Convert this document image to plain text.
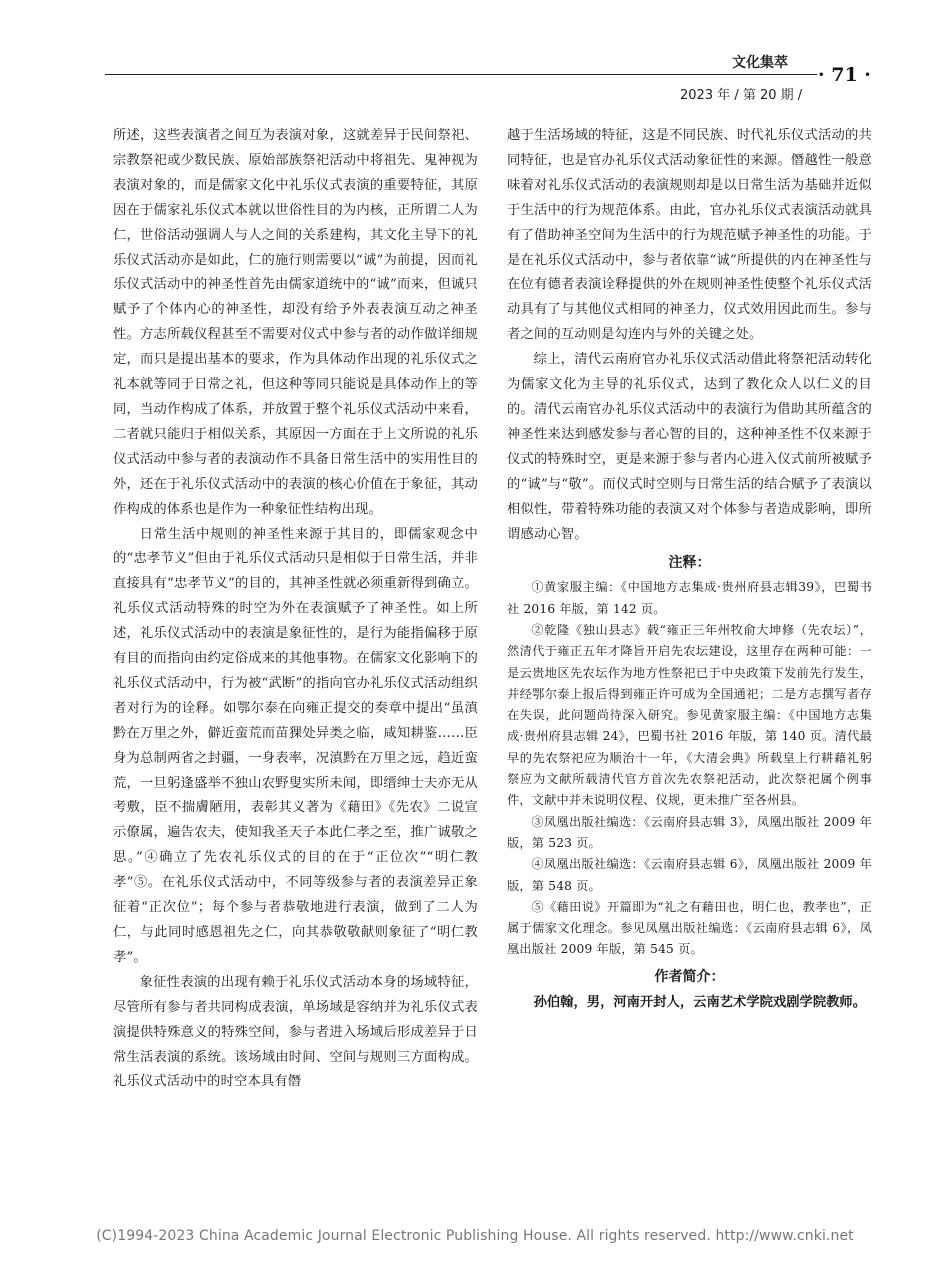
文化集萃
· 71 ·
2023 年 / 第 20 期 /

所述，这些表演者之间互为表演对象，这就差异于民间祭祀、宗教祭祀或少数民族、原始部族祭祀活动中将祖先、鬼神视为表演对象的，而是儒家文化中礼乐仪式表演的重要特征，其原因在于儒家礼乐仪式本就以世俗性目的为内核，正所谓二人为仁，世俗活动强调人与人之间的关系建构，其文化主导下的礼乐仪式活动亦是如此，仁的施行则需要以“诚”为前提，因而礼乐仪式活动中的神圣性首先由儒家道统中的“诚”而来，但诚只赋予了个体内心的神圣性，却没有给予外表表演互动之神圣性。方志所载仪程甚至不需要对仪式中参与者的动作做详细规定，而只是提出基本的要求，作为具体动作出现的礼乐仪式之礼本就等同于日常之礼，但这种等同只能说是具体动作上的等同，当动作构成了体系，并放置于整个礼乐仪式活动中来看，二者就只能归于相似关系，其原因一方面在于上文所说的礼乐仪式活动中参与者的表演动作不具备日常生活中的实用性目的外，还在于礼乐仪式活动中的表演的核心价值在于象征，其动作构成的体系也是作为一种象征性结构出现。

日常生活中规则的神圣性来源于其目的，即儒家观念中的“忠孝节义”但由于礼乐仪式活动只是相似于日常生活，并非直接具有“忠孝节义”的目的，其神圣性就必须重新得到确立。礼乐仪式活动特殊的时空为外在表演赋予了神圣性。如上所述，礼乐仪式活动中的表演是象征性的，是行为能指偏移于原有目的而指向由约定俗成来的其他事物。在儒家文化影响下的礼乐仪式活动中，行为被“武断”的指向官办礼乐仪式活动组织者对行为的诠释。如鄂尔泰在向雍正提交的奏章中提出“虽滇黔在万里之外，僻近蛮荒而苗猓处异类之临，咸知耕鉴……臣身为总制两省之封疆，一身表率，况滇黔在万里之远，趋近蛮荒，一旦躬逢盛举不独山农野叟实所未闻，即缙绅士夫亦无从考敷，臣不揣膚陋用，表彰其义著为《藉田》《先农》二说宣示僚属，遍告农夫，使知我圣天子本此仁孝之至，推广诚敬之思。”④确立了先农礼乐仪式的目的在于“正位次”“明仁教孝”⑤。在礼乐仪式活动中，不同等级参与者的表演差异正象征着“正次位”；每个参与者恭敬地进行表演，做到了二人为仁，与此同时感恩祖先之仁，向其恭敬敬献则象征了“明仁教孝”。

象征性表演的出现有赖于礼乐仪式活动本身的场域特征，尽管所有参与者共同构成表演，单场域是容纳并为礼乐仪式表演提供特殊意义的特殊空间，参与者进入场域后形成差异于日常生活表演的系统。该场域由时间、空间与规则三方面构成。礼乐仪式活动中的时空本具有僭

越于生活场域的特征，这是不同民族、时代礼乐仪式活动的共同特征，也是官办礼乐仪式活动象征性的来源。僭越性一般意味着对礼乐仪式活动的表演规则却是以日常生活为基础并近似于生活中的行为规范体系。由此，官办礼乐仪式表演活动就具有了借助神圣空间为生活中的行为规范赋予神圣性的功能。于是在礼乐仪式活动中，参与者依靠“诚”所提供的内在神圣性与在位有德者表演诠释提供的外在规则神圣性使整个礼乐仪式活动具有了与其他仪式相同的神圣力，仪式效用因此而生。参与者之间的互动则是勾连内与外的关键之处。

综上，清代云南府官办礼乐仪式活动借此将祭祀活动转化为儒家文化为主导的礼乐仪式，达到了教化众人以仁义的目的。清代云南官办礼乐仪式活动中的表演行为借助其所蕴含的神圣性来达到感发参与者心智的目的，这种神圣性不仅来源于仪式的特殊时空，更是来源于参与者内心进入仪式前所被赋予的“诚”与“敬”。而仪式时空则与日常生活的结合赋予了表演以相似性，带着特殊功能的表演又对个体参与者造成影响，即所谓感动心智。

注释：

①黄家服主编：《中国地方志集成·贵州府县志辑39》，巴蜀书社 2016 年版，第 142 页。

②乾隆《独山县志》载“雍正三年州牧俞大坤修（先农坛）”，然清代于雍正五年才降旨开启先农坛建设，这里存在两种可能：一是云贵地区先农坛作为地方性祭祀已于中央政策下发前先行发生，并经鄂尔泰上报后得到雍正许可成为全国通祀；二是方志撰写者存在失误，此问题尚待深入研究。参见黄家服主编：《中国地方志集成·贵州府县志辑 24》，巴蜀书社 2016 年版，第 140 页。清代最早的先农祭祀应为顺治十一年，《大清会典》所载皇上行耕藉礼躬祭应为文献所载清代官方首次先农祭祀活动，此次祭祀属个例事件，文献中并未说明仪程、仪规，更未推广至各州县。

③凤凰出版社编选：《云南府县志辑 3》，凤凰出版社 2009 年版，第 523 页。

④凤凰出版社编选：《云南府县志辑 6》，凤凰出版社 2009 年版，第 548 页。

⑤《藉田说》开篇即为“礼之有藉田也，明仁也，教孝也”，正属于儒家文化理念。参见凤凰出版社编选：《云南府县志辑 6》，凤凰出版社 2009 年版，第 545 页。

作者简介：

孙伯翰，男，河南开封人，云南艺术学院戏剧学院教师。

(C)1994-2023 China Academic Journal Electronic Publishing House. All rights reserved. http://www.cnki.net
